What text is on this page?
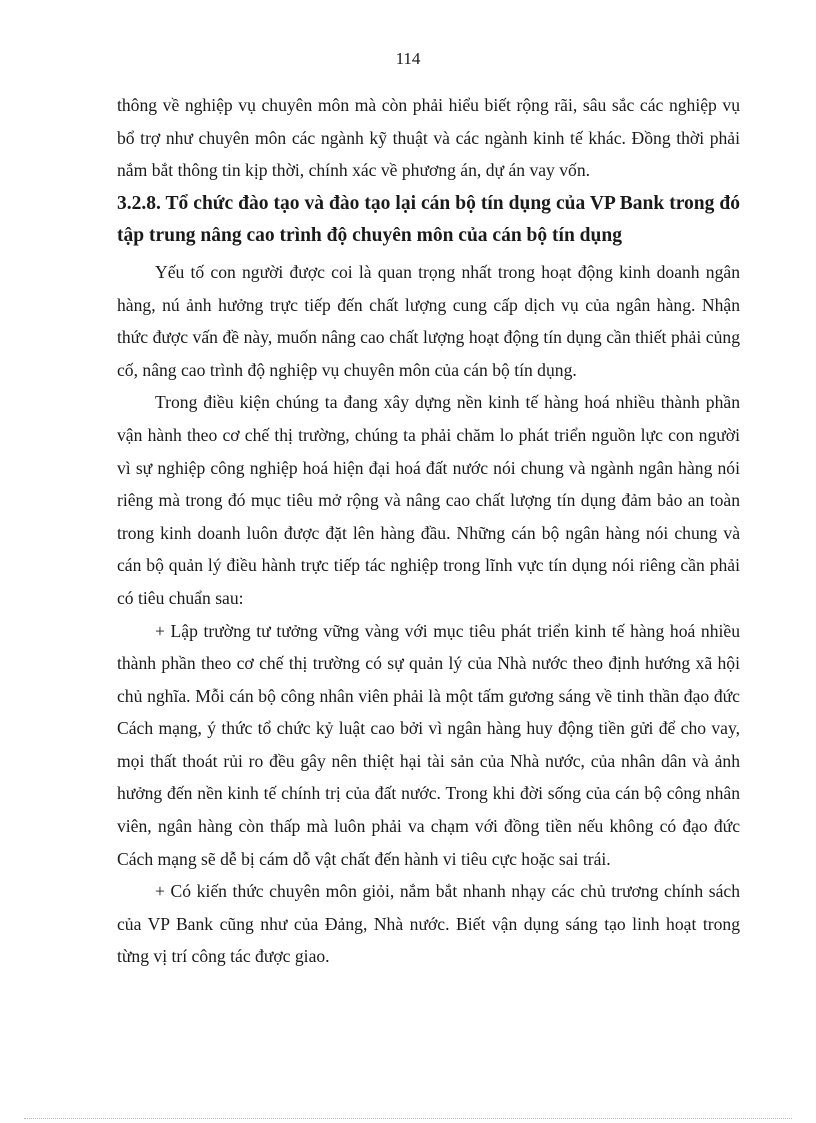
114

thông về nghiệp vụ chuyên môn mà còn phải hiểu biết rộng rãi, sâu sắc các nghiệp vụ bổ trợ như chuyên môn các ngành kỹ thuật và các ngành kinh tế khác. Đồng thời phải nắm bắt thông tin kịp thời, chính xác về phương án, dự án vay vốn.

3.2.8. Tổ chức đào tạo và đào tạo lại cán bộ tín dụng của VP Bank trong đó tập trung nâng cao trình độ chuyên môn của cán bộ tín dụng

Yếu tố con người được coi là quan trọng nhất trong hoạt động kinh doanh ngân hàng, nú ảnh hưởng trực tiếp đến chất lượng cung cấp dịch vụ của ngân hàng. Nhận thức được vấn đề này, muốn nâng cao chất lượng hoạt động tín dụng cần thiết phải củng cố, nâng cao trình độ nghiệp vụ chuyên môn của cán bộ tín dụng.

Trong điều kiện chúng ta đang xây dựng nền kinh tế hàng hoá nhiều thành phần vận hành theo cơ chế thị trường, chúng ta phải chăm lo phát triển nguồn lực con người vì sự nghiệp công nghiệp hoá hiện đại hoá đất nước nói chung và ngành ngân hàng nói riêng mà trong đó mục tiêu mở rộng và nâng cao chất lượng tín dụng đảm bảo an toàn trong kinh doanh luôn được đặt lên hàng đầu. Những cán bộ ngân hàng nói chung và cán bộ quản lý điều hành trực tiếp tác nghiệp trong lĩnh vực tín dụng nói riêng cần phải có tiêu chuẩn sau:

+ Lập trường tư tưởng vững vàng với mục tiêu phát triển kinh tế hàng hoá nhiều thành phần theo cơ chế thị trường có sự quản lý của Nhà nước theo định hướng xã hội chủ nghĩa. Mỗi cán bộ công nhân viên phải là một tấm gương sáng về tinh thần đạo đức Cách mạng, ý thức tổ chức kỷ luật cao bởi vì ngân hàng huy động tiền gửi để cho vay, mọi thất thoát rủi ro đều gây nên thiệt hại tài sản của Nhà nước, của nhân dân và ảnh hưởng đến nền kinh tế chính trị của đất nước. Trong khi đời sống của cán bộ công nhân viên, ngân hàng còn thấp mà luôn phải va chạm với đồng tiền nếu không có đạo đức Cách mạng sẽ dễ bị cám dỗ vật chất đến hành vi tiêu cực hoặc sai trái.

+ Có kiến thức chuyên môn giỏi, nắm bắt nhanh nhạy các chủ trương chính sách của VP Bank cũng như của Đảng, Nhà nước. Biết vận dụng sáng tạo linh hoạt trong từng vị trí công tác được giao.
